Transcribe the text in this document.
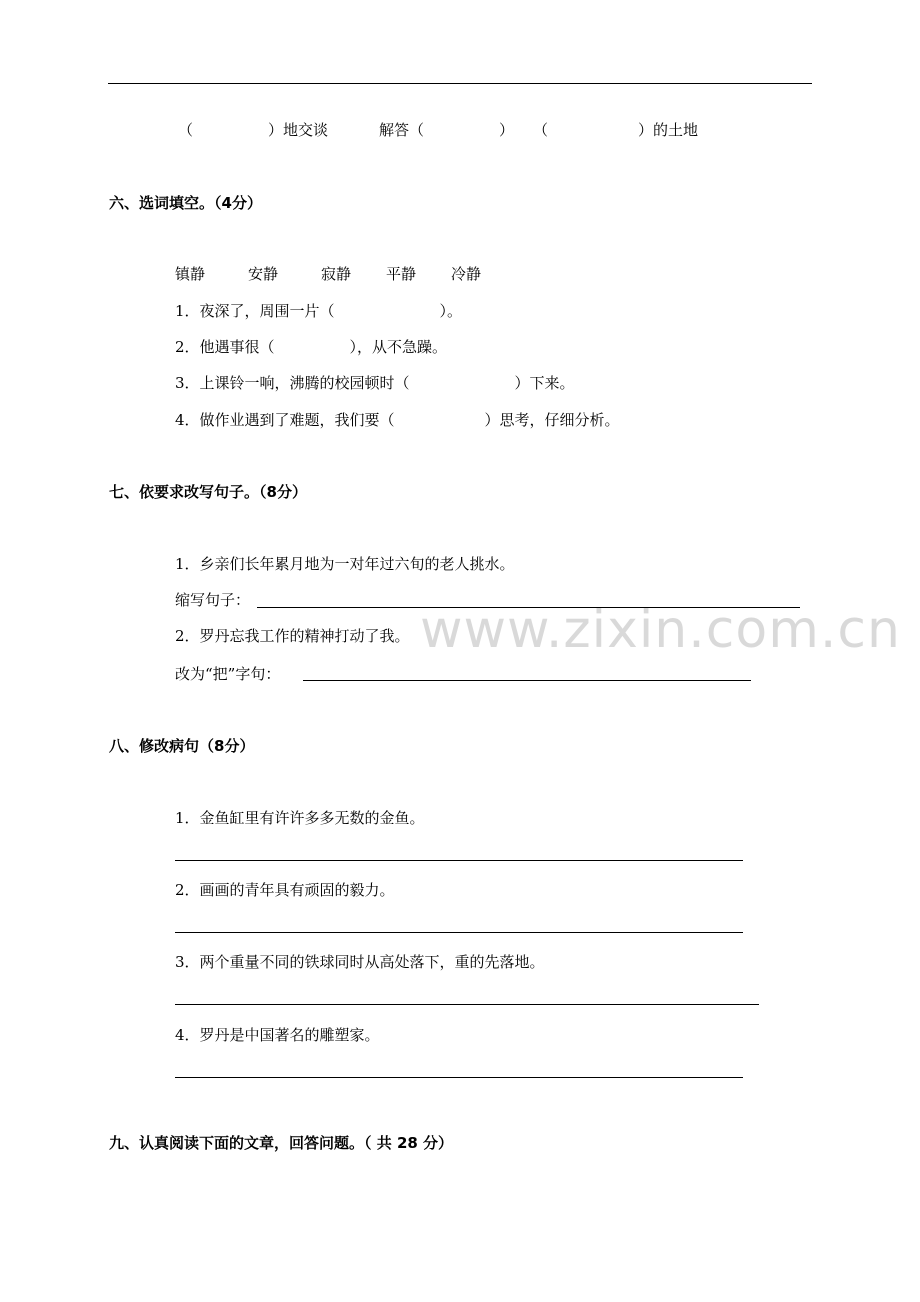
www.zixin.com.cn
（　　　　　）地交谈	解答（　　　　　） （　　　　　　）的土地
六、选词填空。（4分）
镇静	安静	寂静 平静 冷静
1．夜深了，周围一片（　　　　　　　）。
2．他遇事很（　　　　　），从不急躁。
3．上课铃一响，沸腾的校园顿时（　　　　　　　）下来。
4．做作业遇到了难题，我们要（　　　　　　）思考，仔细分析。
七、依要求改写句子。（8分）
1．乡亲们长年累月地为一对年过六旬的老人挑水。
缩写句子：
2．罗丹忘我工作的精神打动了我。
改为“把”字句：
八、修改病句（8分）
1．金鱼缸里有许许多多无数的金鱼。
2．画画的青年具有顽固的毅力。
3．两个重量不同的铁球同时从高处落下，重的先落地。
4．罗丹是中国著名的雕塑家。
九、认真阅读下面的文章，回答问题。（ 共 28 分）
